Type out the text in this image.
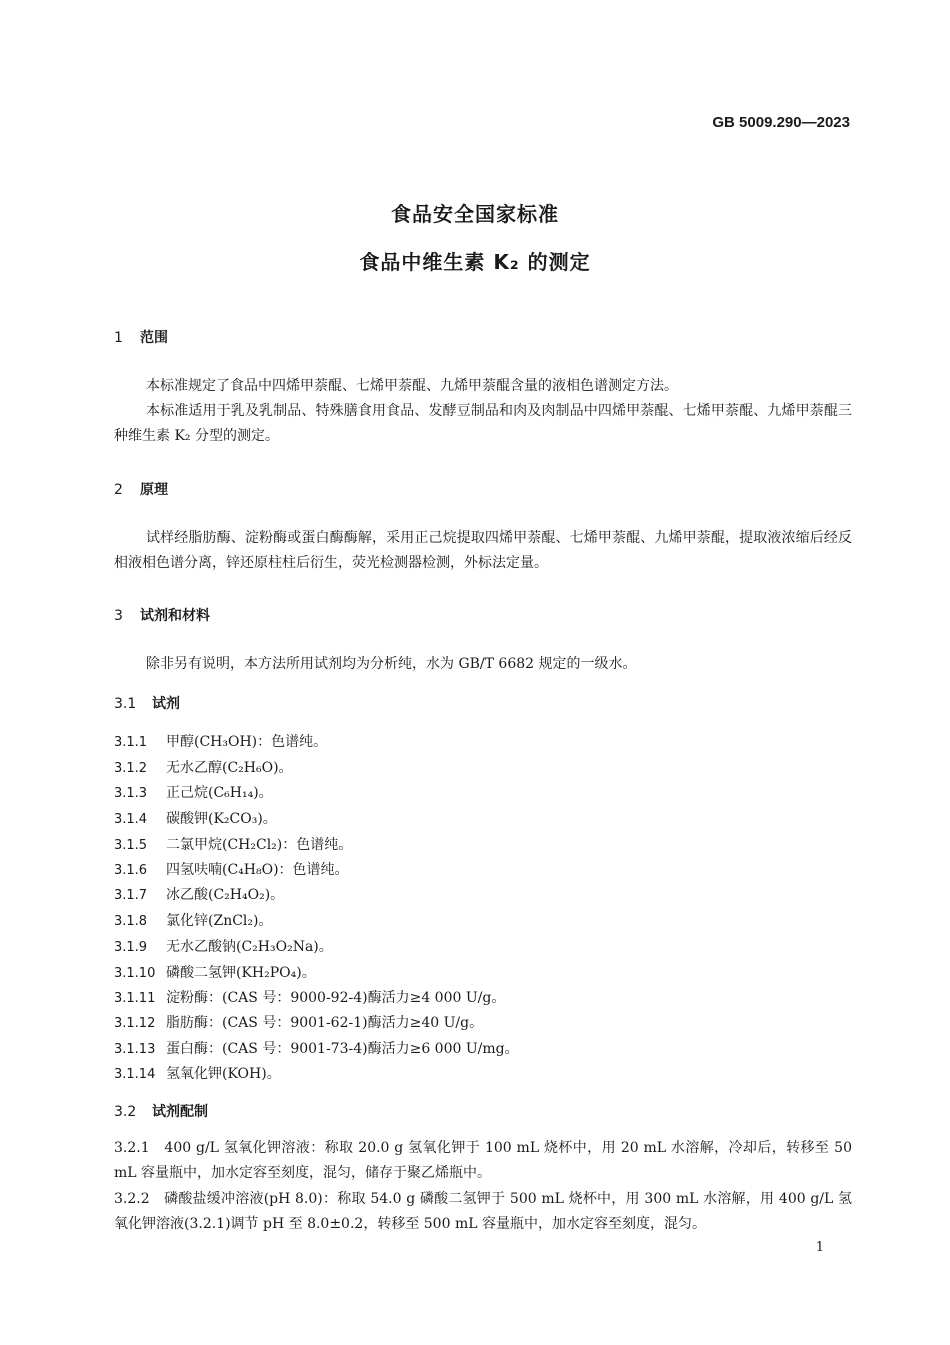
GB 5009.290—2023
食品安全国家标准
食品中维生素 K₂ 的测定
1 范围
本标准规定了食品中四烯甲萘醌、七烯甲萘醌、九烯甲萘醌含量的液相色谱测定方法。
本标准适用于乳及乳制品、特殊膳食用食品、发酵豆制品和肉及肉制品中四烯甲萘醌、七烯甲萘醌、九烯甲萘醌三种维生素 K₂ 分型的测定。
2 原理
试样经脂肪酶、淀粉酶或蛋白酶酶解，采用正己烷提取四烯甲萘醌、七烯甲萘醌、九烯甲萘醌，提取液浓缩后经反相液相色谱分离，锌还原柱柱后衍生，荧光检测器检测，外标法定量。
3 试剂和材料
除非另有说明，本方法所用试剂均为分析纯，水为 GB/T 6682 规定的一级水。
3.1 试剂
3.1.1 甲醇(CH₃OH)：色谱纯。
3.1.2 无水乙醇(C₂H₆O)。
3.1.3 正己烷(C₆H₁₄)。
3.1.4 碳酸钾(K₂CO₃)。
3.1.5 二氯甲烷(CH₂Cl₂)：色谱纯。
3.1.6 四氢呋喃(C₄H₈O)：色谱纯。
3.1.7 冰乙酸(C₂H₄O₂)。
3.1.8 氯化锌(ZnCl₂)。
3.1.9 无水乙酸钠(C₂H₃O₂Na)。
3.1.10 磷酸二氢钾(KH₂PO₄)。
3.1.11 淀粉酶：(CAS 号：9000-92-4)酶活力≥4 000 U/g。
3.1.12 脂肪酶：(CAS 号：9001-62-1)酶活力≥40 U/g。
3.1.13 蛋白酶：(CAS 号：9001-73-4)酶活力≥6 000 U/mg。
3.1.14 氢氧化钾(KOH)。
3.2 试剂配制
3.2.1　400 g/L 氢氧化钾溶液：称取 20.0 g 氢氧化钾于 100 mL 烧杯中，用 20 mL 水溶解，冷却后，转移至 50 mL 容量瓶中，加水定容至刻度，混匀，储存于聚乙烯瓶中。
3.2.2　磷酸盐缓冲溶液(pH 8.0)：称取 54.0 g 磷酸二氢钾于 500 mL 烧杯中，用 300 mL 水溶解，用 400 g/L 氢氧化钾溶液(3.2.1)调节 pH 至 8.0±0.2，转移至 500 mL 容量瓶中，加水定容至刻度，混匀。
1
